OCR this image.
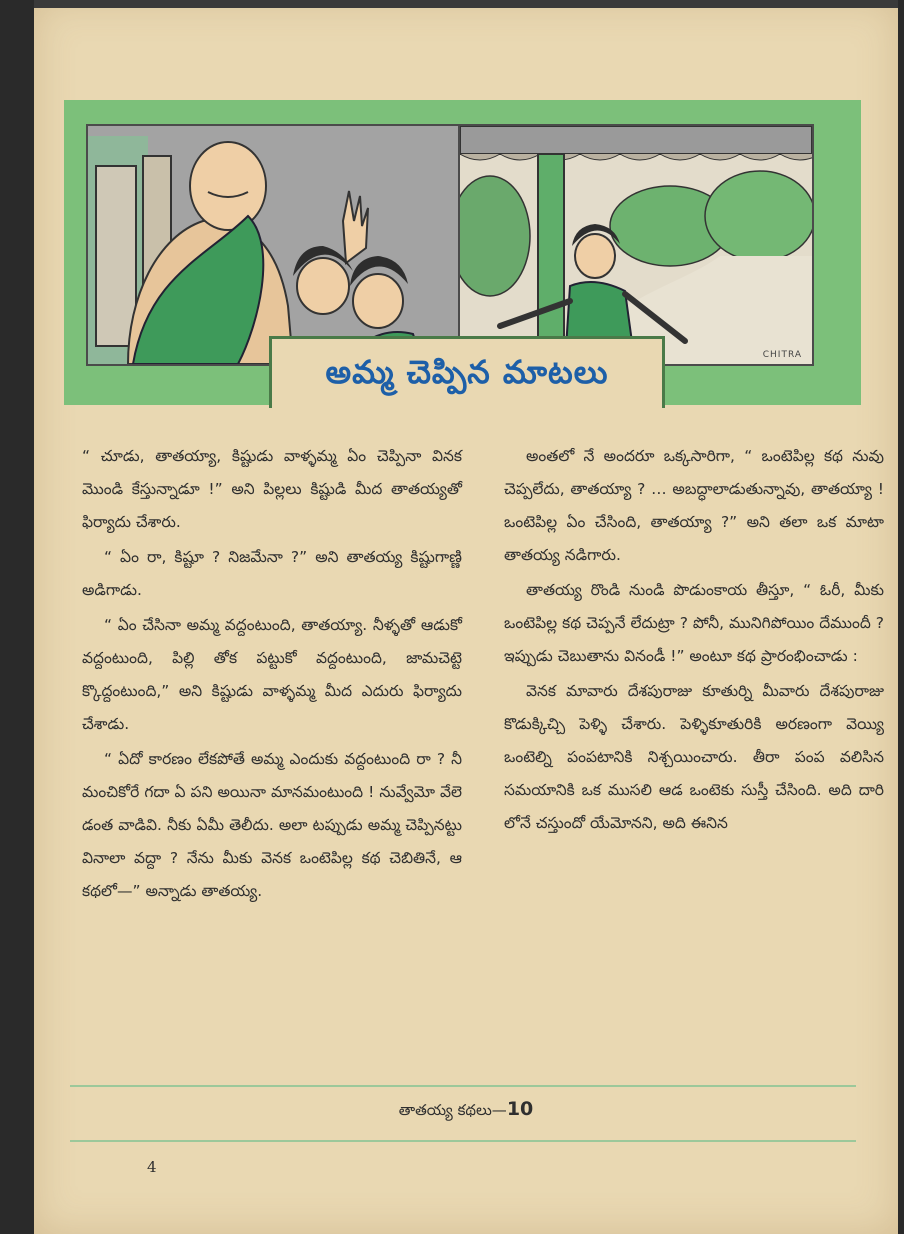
CHITRA
అమ్మ చెప్పిన మాటలు

“ చూడు, తాతయ్యా, కిష్టుడు వాళ్ళమ్మ ఏం చెప్పినా వినక మొండి కేస్తున్నాడూ !” అని పిల్లలు కిష్టుడి మీద తాతయ్యతో ఫిర్యాదు చేశారు.

“ ఏం రా, కిష్టూ ? నిజమేనా ?” అని తాతయ్య కిష్టుగాణ్ణి అడిగాడు.

“ ఏం చేసినా అమ్మ వద్దంటుంది, తాతయ్యా. నీళ్ళతో ఆడుకో వద్దంటుంది, పిల్లి తోక పట్టుకో వద్దంటుంది, జామచెట్టె క్కొద్దంటుంది,” అని కిష్టుడు వాళ్ళమ్మ మీద ఎదురు ఫిర్యాదు చేశాడు.

“ ఏదో కారణం లేకపోతే అమ్మ ఎందుకు వద్దంటుంది రా ? నీ మంచికోరే గదా ఏ పని అయినా మానమంటుంది ! నువ్వేమో వేలె డంత వాడివి. నీకు ఏమీ తెలీదు. అలా టప్పుడు అమ్మ చెప్పినట్టు వినాలా వద్దా ? నేను మీకు వెనక ఒంటెపిల్ల కథ చెబితినే, ఆ కథలో—” అన్నాడు తాతయ్య.

అంతలో నే అందరూ ఒక్కసారిగా, “ ఒంటెపిల్ల కథ నువు చెప్పలేదు, తాతయ్యా ? … అబద్ధాలాడుతున్నావు, తాతయ్యా ! ఒంటెపిల్ల ఏం చేసింది, తాతయ్యా ?” అని తలా ఒక మాటా తాతయ్య నడిగారు.

తాతయ్య రొండి నుండి పొడుంకాయ తీస్తూ, “ ఓరీ, మీకు ఒంటెపిల్ల కథ చెప్పనే లేదుట్రా ? పోనీ, మునిగిపోయిం దేముందీ ? ఇప్పుడు చెబుతాను వినండీ !” అంటూ కథ ప్రారంభించాడు :

వెనక మావారు దేశపురాజు కూతుర్ని మీవారు దేశపురాజు కొడుక్కిచ్చి పెళ్ళి చేశారు. పెళ్ళికూతురికి అరణంగా వెయ్యి ఒంటెల్ని పంపటానికి నిశ్చయించారు. తీరా పంప వలిసిన సమయానికి ఒక ముసలి ఆడ ఒంటెకు సుస్తీ చేసింది. అది దారి లోనే చస్తుందో యేమోనని, అది ఈనిన

తాతయ్య కథలు—10
4
